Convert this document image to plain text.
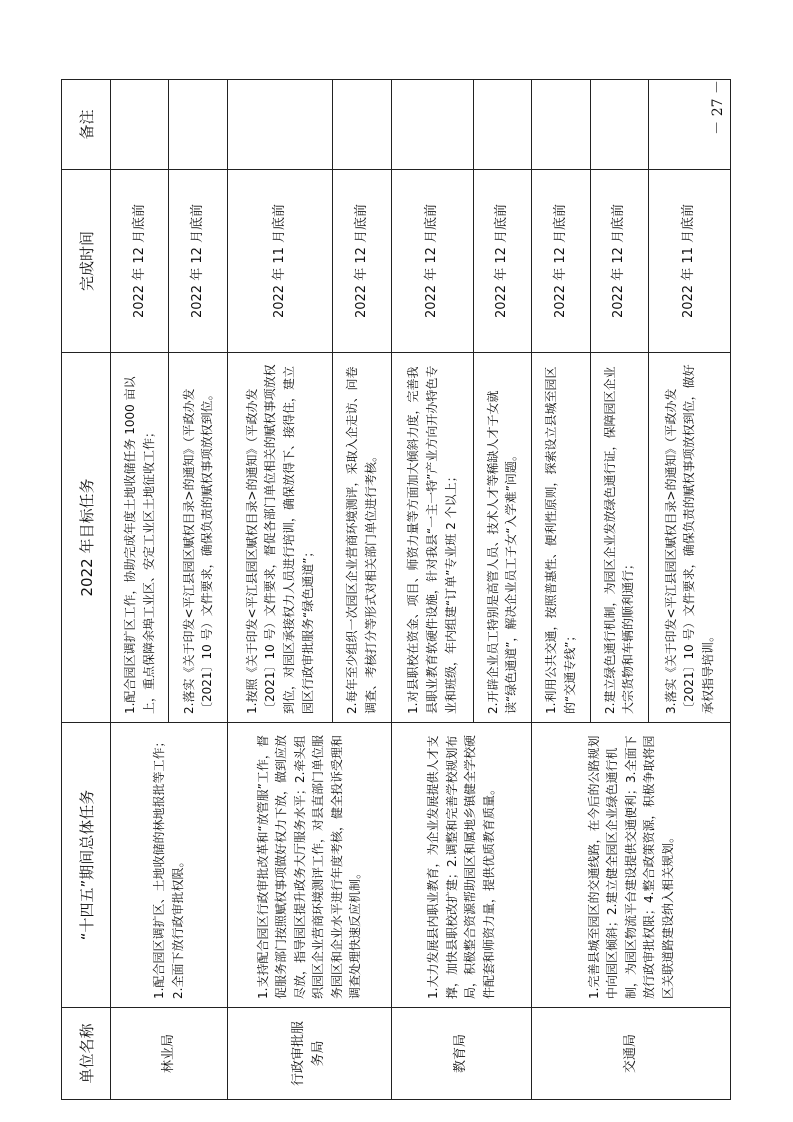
单位名称	“十四五”期间总体任务	2022 年目标任务	完成时间	备注
林业局	1.配合园区调扩区、土地收储的林地报批等工作；2.全面下放行政审批权限。	1.配合园区调扩区工作，协助完成年度土地收储任务 1000 亩以上，重点保障余埠工业区、安定工业区土地征收工作；	2022 年 12 月底前	
		2.落实《关于印发<平江县园区赋权目录>的通知》（平政办发〔2021〕10 号）文件要求，确保负责的赋权事项放权到位。	2022 年 12 月底前	
行政审批服务局	1.支持配合园区行政审批改革和“放管服”工作，督促服务部门按照赋权事项做好权力下放，做到应放尽放，指导园区提升政务大厅服务水平；2.牵头组织园区企业营商环境测评工作，对县直部门单位服务园区和企业水平进行年度考核，健全投诉受理和调查处理快速反应机制。	1.按照《关于印发<平江县园区赋权目录>的通知》（平政办发〔2021〕10 号）文件要求，督促各部门单位相关的赋权事项放权到位，对园区承接权力人员进行培训，确保放得下、接得住，建立园区行政审批服务“绿色通道”；	2022 年 11 月底前	
		2.每年至少组织一次园区企业营商环境测评，采取入企走访、问卷调查、考核打分等形式对相关部门单位进行考核。	2022 年 12 月底前	
教育局	1.大力发展县内职业教育，为企业发展提供人才支撑，加快县职校改扩建；2.调整和完善学校规划布局，积极整合资源帮助园区和属地乡镇健全学校硬件配套和师资力量，提供优质教育质量。	1.对县职校在资金、项目、师资力量等方面加大倾斜力度，完善我县职业教育软硬件设施，针对我县“一主一特”产业方向开办特色专业和班级，年内组建“订单”专业班 2 个以上；	2022 年 12 月底前	
		2.开辟企业员工特别是高管人员、技术人才等稀缺人才子女就读“绿色通道”，解决企业员工子女“入学难”问题。	2022 年 12 月底前	
交通局	1.完善县城至园区的交通线路，在今后的公路规划中向园区倾斜；2.建立健全园区企业绿色通行机制，为园区物流平台建设提供交通便利；3.全面下放行政审批权限；4.整合政策资源，积极争取将园区关联道路建设纳入相关规划。	1.利用公共交通，按照普惠性、便利性原则，探索设立县城至园区的“交通专线”；	2022 年 12 月底前	
		2.建立绿色通行机制，为园区企业发放绿色通行证，保障园区企业大宗货物和车辆的顺利通行；	2022 年 12 月底前	
		3.落实《关于印发<平江县园区赋权目录>的通知》（平政办发〔2021〕10 号）文件要求，确保负责的赋权事项放权到位，做好承权指导培训。	2022 年 11 月底前	
－ 27 －
